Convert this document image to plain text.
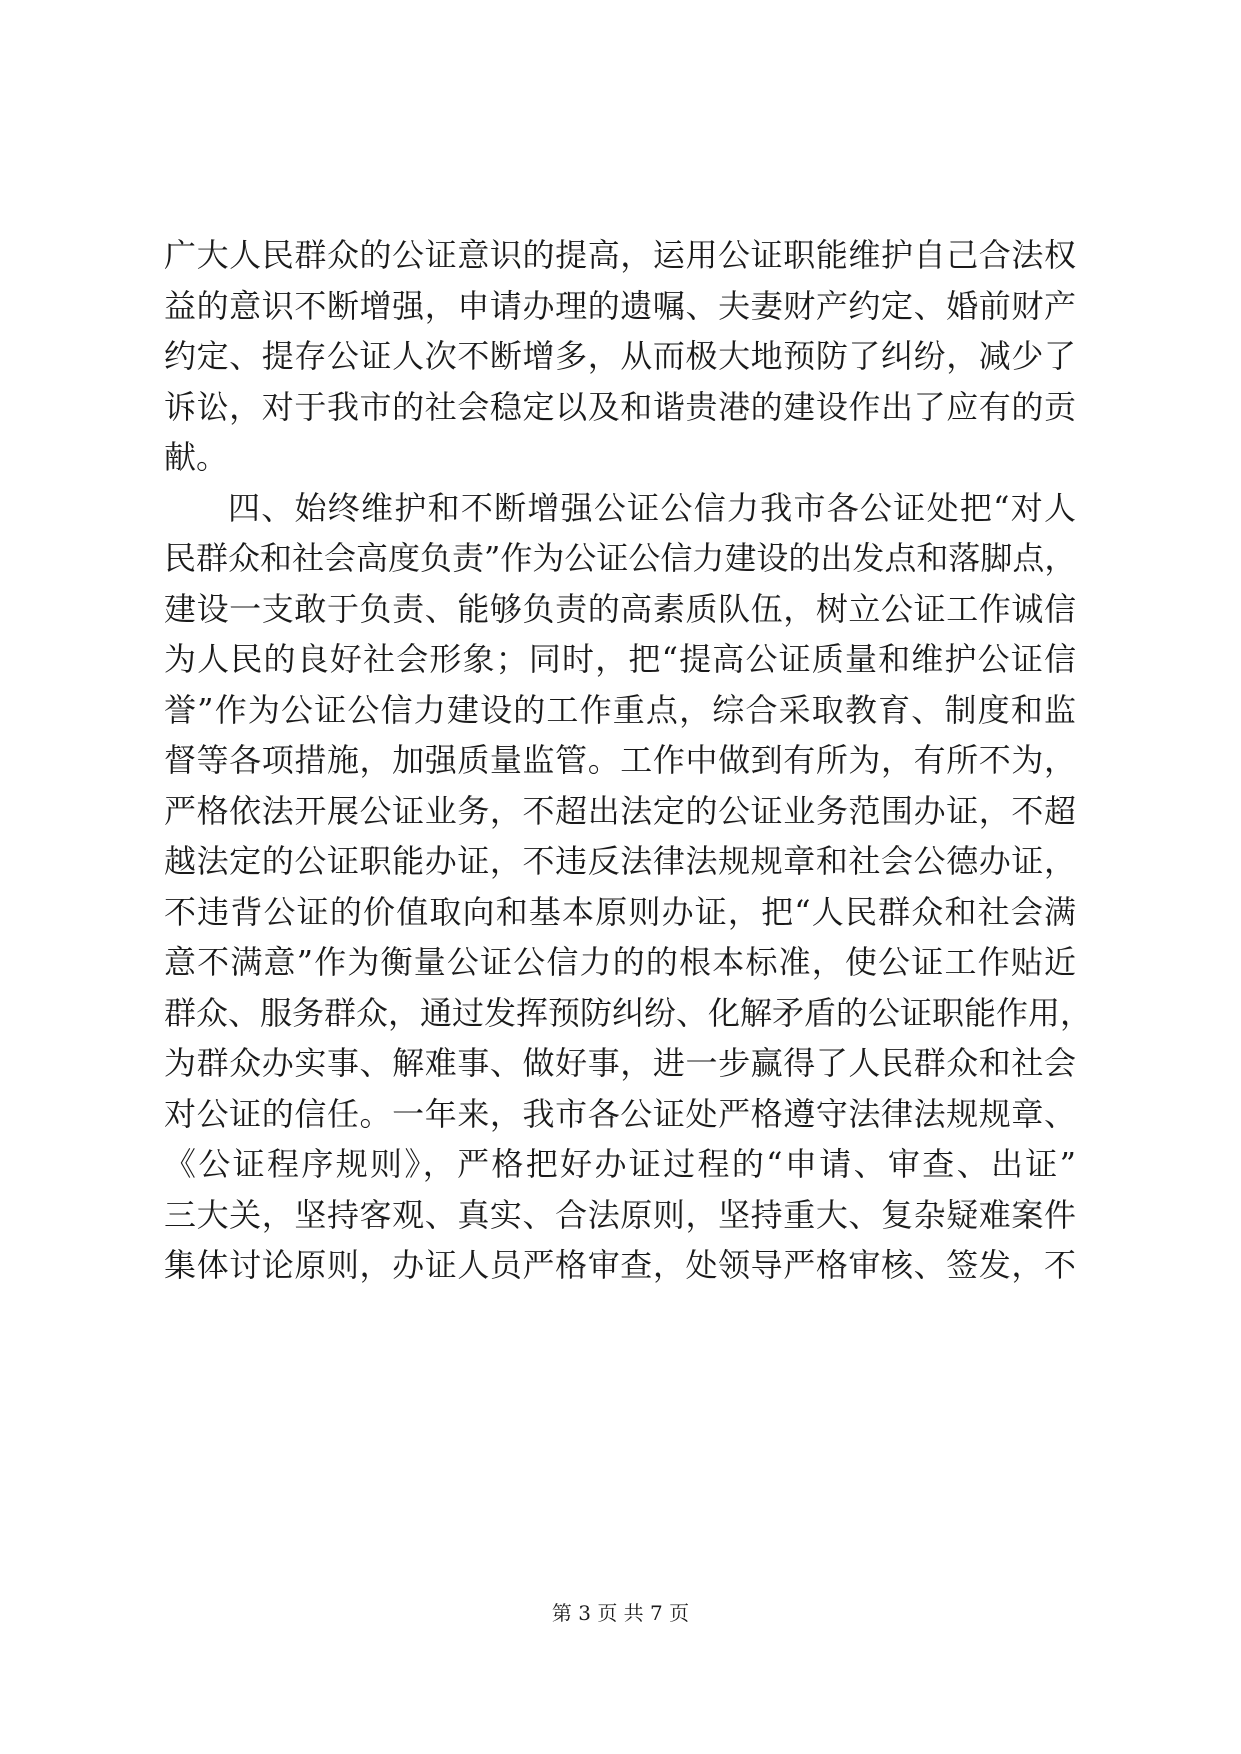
广大人民群众的公证意识的提高，运用公证职能维护自己合法权
益的意识不断增强，申请办理的遗嘱、夫妻财产约定、婚前财产
约定、提存公证人次不断增多，从而极大地预防了纠纷，减少了
诉讼，对于我市的社会稳定以及和谐贵港的建设作出了应有的贡
献。
四、始终维护和不断增强公证公信力我市各公证处把“对人
民群众和社会高度负责”作为公证公信力建设的出发点和落脚点，
建设一支敢于负责、能够负责的高素质队伍，树立公证工作诚信
为人民的良好社会形象；同时，把“提高公证质量和维护公证信
誉”作为公证公信力建设的工作重点，综合采取教育、制度和监
督等各项措施，加强质量监管。工作中做到有所为，有所不为，
严格依法开展公证业务，不超出法定的公证业务范围办证，不超
越法定的公证职能办证，不违反法律法规规章和社会公德办证，
不违背公证的价值取向和基本原则办证，把“人民群众和社会满
意不满意”作为衡量公证公信力的的根本标准，使公证工作贴近
群众、服务群众，通过发挥预防纠纷、化解矛盾的公证职能作用，
为群众办实事、解难事、做好事，进一步赢得了人民群众和社会
对公证的信任。一年来，我市各公证处严格遵守法律法规规章、
《公证程序规则》，严格把好办证过程的“申请、审查、出证”
三大关，坚持客观、真实、合法原则，坚持重大、复杂疑难案件
集体讨论原则，办证人员严格审查，处领导严格审核、签发，不
第 3 页 共 7 页
